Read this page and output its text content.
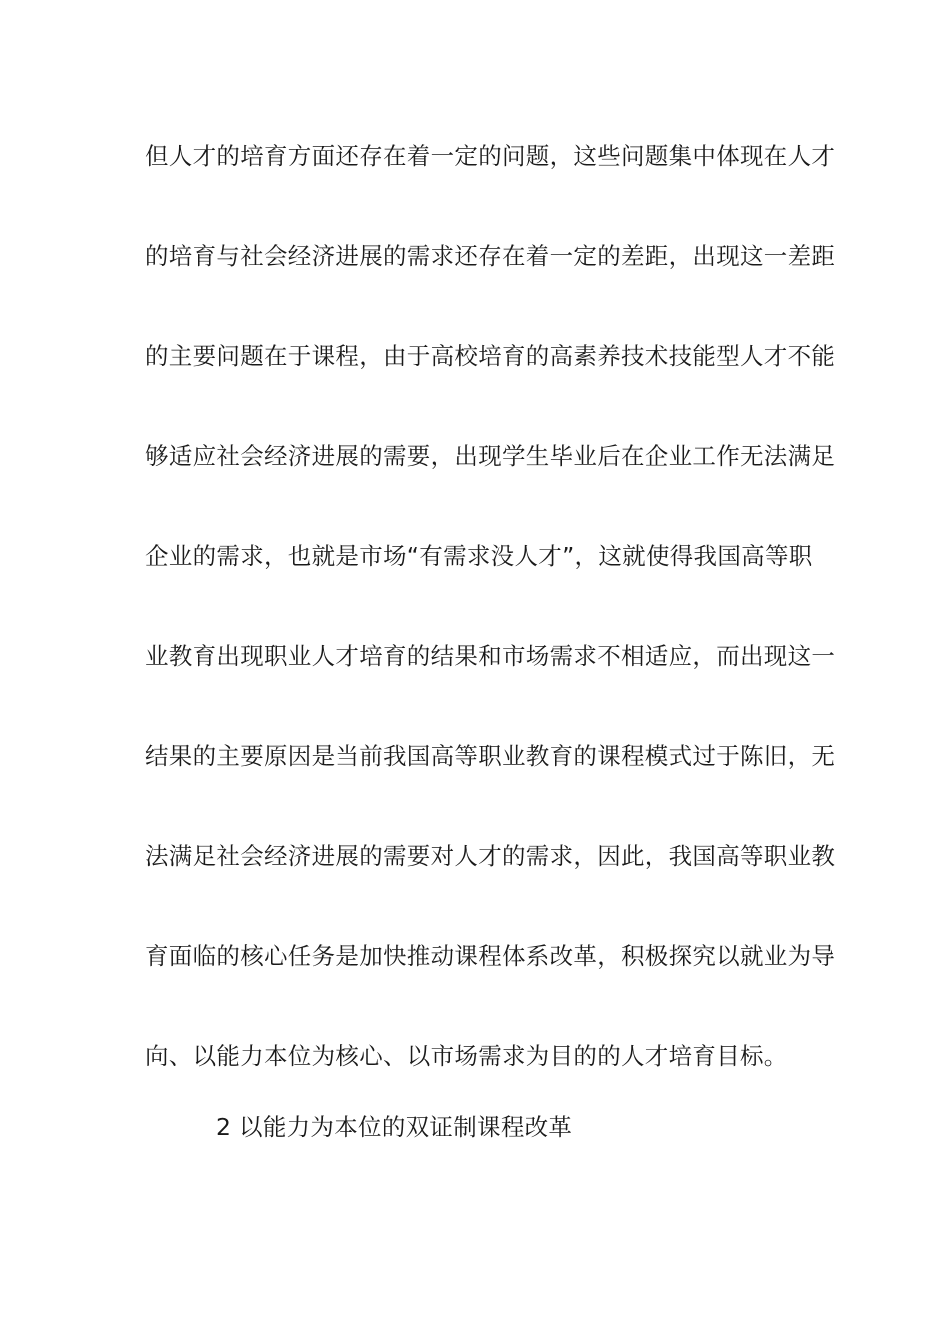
但人才的培育方面还存在着一定的问题，这些问题集中体现在人才
的培育与社会经济进展的需求还存在着一定的差距，出现这一差距
的主要问题在于课程，由于高校培育的高素养技术技能型人才不能
够适应社会经济进展的需要，出现学生毕业后在企业工作无法满足
企业的需求，也就是市场“有需求没人才”，这就使得我国高等职
业教育出现职业人才培育的结果和市场需求不相适应，而出现这一
结果的主要原因是当前我国高等职业教育的课程模式过于陈旧，无
法满足社会经济进展的需要对人才的需求，因此，我国高等职业教
育面临的核心任务是加快推动课程体系改革，积极探究以就业为导
向、以能力本位为核心、以市场需求为目的的人才培育目标。
2 以能力为本位的双证制课程改革
